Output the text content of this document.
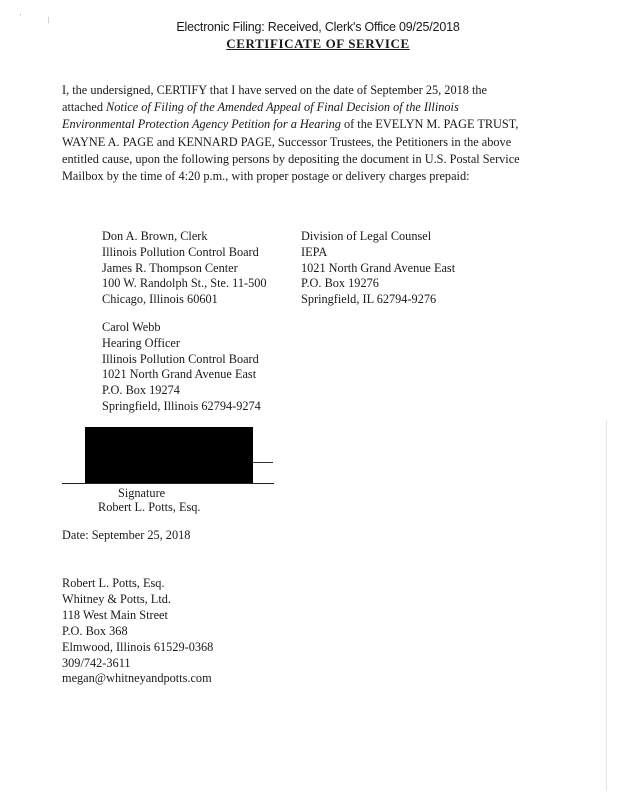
'	|	Electronic Filing: Received, Clerk's Office 09/25/2018
CERTIFICATE OF SERVICE
I, the undersigned, CERTIFY that I have served on the date of September 25, 2018 the attached Notice of Filing of the Amended Appeal of Final Decision of the Illinois Environmental Protection Agency Petition for a Hearing of the EVELYN M. PAGE TRUST, WAYNE A. PAGE and KENNARD PAGE, Successor Trustees, the Petitioners in the above entitled cause, upon the following persons by depositing the document in U.S. Postal Service Mailbox by the time of 4:20 p.m., with proper postage or delivery charges prepaid:
Don A. Brown, Clerk
Illinois Pollution Control Board
James R. Thompson Center
100 W. Randolph St., Ste. 11-500
Chicago, Illinois 60601
Division of Legal Counsel
IEPA
1021 North Grand Avenue East
P.O. Box 19276
Springfield, IL 62794-9276
Carol Webb
Hearing Officer
Illinois Pollution Control Board
1021 North Grand Avenue East
P.O. Box 19274
Springfield, Illinois 62794-9274
Signature
Robert L. Potts, Esq.
Date: September 25, 2018
Robert L. Potts, Esq.
Whitney & Potts, Ltd.
118 West Main Street
P.O. Box 368
Elmwood, Illinois 61529-0368
309/742-3611
megan@whitneyandpotts.com
